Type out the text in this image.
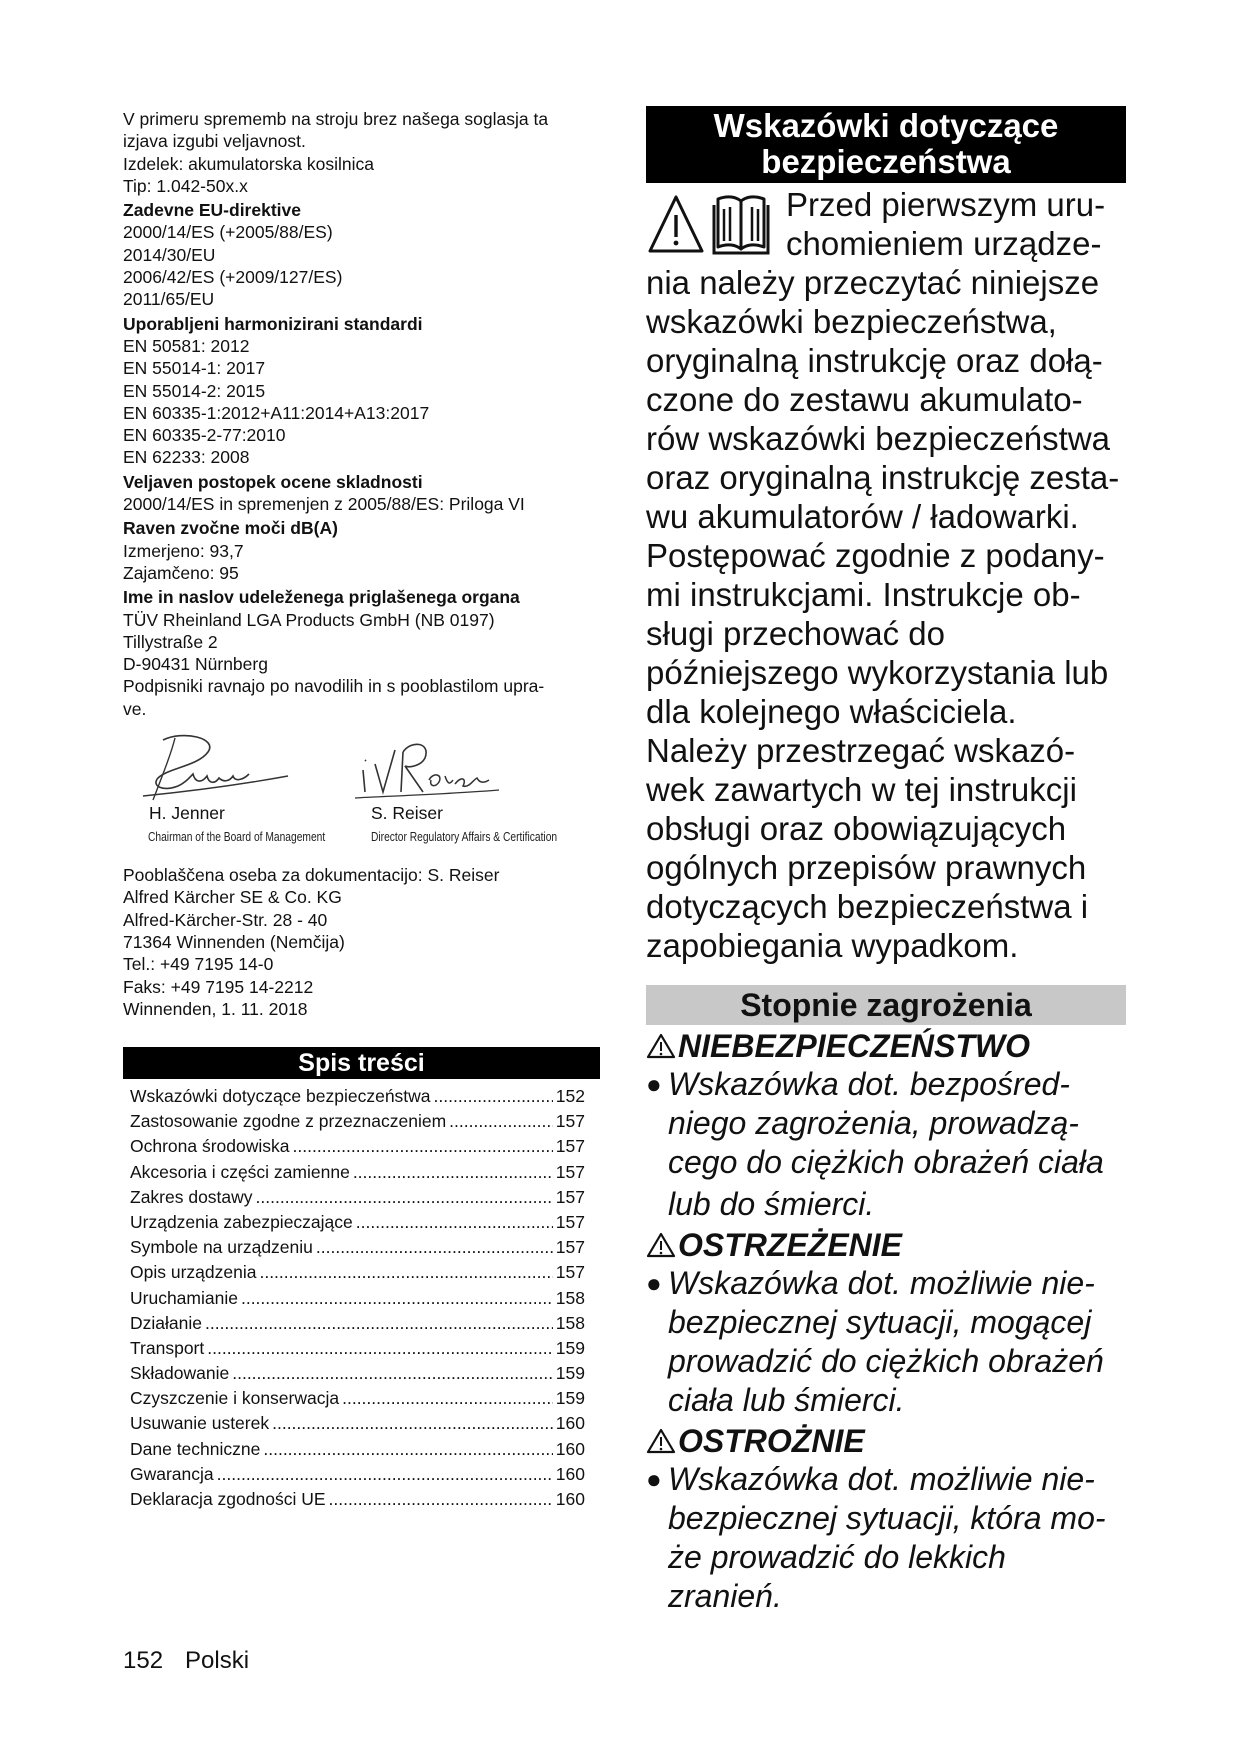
V primeru sprememb na stroju brez našega soglasja ta
izjava izgubi veljavnost.
Izdelek: akumulatorska kosilnica
Tip: 1.042-50x.x
Zadevne EU-direktive
2000/14/ES (+2005/88/ES)
2014/30/EU
2006/42/ES (+2009/127/ES)
2011/65/EU
Uporabljeni harmonizirani standardi
EN 50581: 2012
EN 55014-1: 2017
EN 55014-2: 2015
EN 60335-1:2012+A11:2014+A13:2017
EN 60335-2-77:2010
EN 62233: 2008
Veljaven postopek ocene skladnosti
2000/14/ES in spremenjen z 2005/88/ES: Priloga VI
Raven zvočne moči dB(A)
Izmerjeno: 93,7
Zajamčeno: 95
Ime in naslov udeleženega priglašenega organa
TÜV Rheinland LGA Products GmbH (NB 0197)
Tillystraße 2
D-90431 Nürnberg
Podpisniki ravnajo po navodilih in s pooblastilom upra-
ve.
H. Jenner
Chairman of the Board of Management
S. Reiser
Director Regulatory Affairs & Certification
Pooblaščena oseba za dokumentacijo: S. Reiser
Alfred Kärcher SE & Co. KG
Alfred-Kärcher-Str. 28 - 40
71364 Winnenden (Nemčija)
Tel.: +49 7195 14-0
Faks: +49 7195 14-2212
Winnenden, 1. 11. 2018
Spis treści
Wskazówki dotyczące bezpieczeństwa .....	152
Zastosowanie zgodne z przeznaczeniem .....	157
Ochrona środowiska .....	157
Akcesoria i części zamienne .....	157
Zakres dostawy .....	157
Urządzenia zabezpieczające .....	157
Symbole na urządzeniu .....	157
Opis urządzenia .....	157
Uruchamianie .....	158
Działanie .....	158
Transport .....	159
Składowanie .....	159
Czyszczenie i konserwacja .....	159
Usuwanie usterek .....	160
Dane techniczne .....	160
Gwarancja .....	160
Deklaracja zgodności UE .....	160
152 Polski
Wskazówki dotyczące
bezpieczeństwa

Przed pierwszym uru-

chomieniem urządze-

nia należy przeczytać niniejsze

wskazówki bezpieczeństwa,

oryginalną instrukcję oraz dołą-

czone do zestawu akumulato-

rów wskazówki bezpieczeństwa

oraz oryginalną instrukcję zesta-

wu akumulatorów / ładowarki.

Postępować zgodnie z podany-

mi instrukcjami. Instrukcje ob-

sługi przechować do

późniejszego wykorzystania lub

dla kolejnego właściciela.

Należy przestrzegać wskazó-

wek zawartych w tej instrukcji

obsługi oraz obowiązujących

ogólnych przepisów prawnych

dotyczących bezpieczeństwa i

zapobiegania wypadkom.

Stopnie zagrożenia
NIEBEZPIECZEŃSTWO
● Wskazówka dot. bezpośred-
niego zagrożenia, prowadzą-
cego do ciężkich obrażeń ciała
lub do śmierci.
OSTRZEŻENIE
● Wskazówka dot. możliwie nie-
bezpiecznej sytuacji, mogącej
prowadzić do ciężkich obrażeń
ciała lub śmierci.
OSTROŻNIE
● Wskazówka dot. możliwie nie-
bezpiecznej sytuacji, która mo-
że prowadzić do lekkich
zranień.
